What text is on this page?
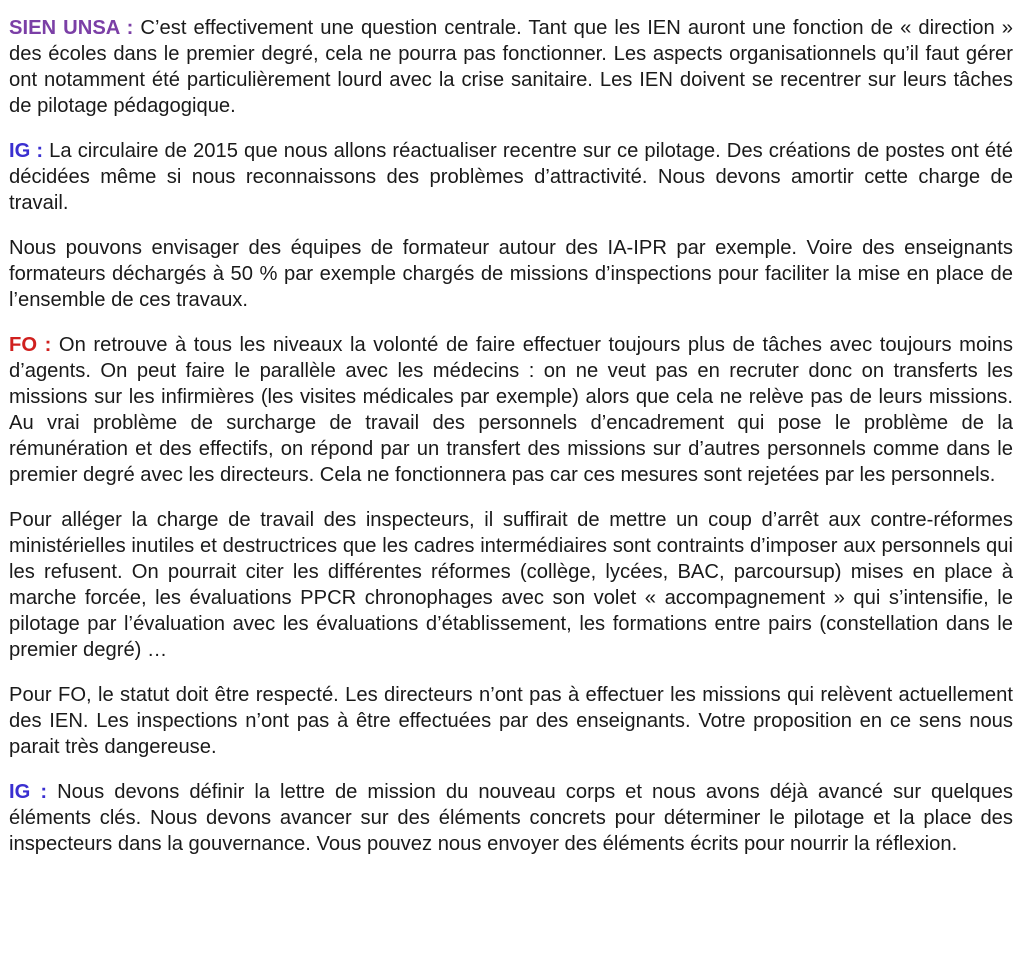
SIEN UNSA : C’est effectivement une question centrale. Tant que les IEN auront une fonction de « direction » des écoles dans le premier degré, cela ne pourra pas fonctionner. Les aspects organisationnels qu’il faut gérer ont notamment été particulièrement lourd avec la crise sanitaire. Les IEN doivent se recentrer sur leurs tâches de pilotage pédagogique.

IG : La circulaire de 2015 que nous allons réactualiser recentre sur ce pilotage. Des créations de postes ont été décidées même si nous reconnaissons des problèmes d’attractivité. Nous devons amortir cette charge de travail.

Nous pouvons envisager des équipes de formateur autour des IA-IPR par exemple. Voire des enseignants formateurs déchargés à 50 % par exemple chargés de missions d’inspections pour faciliter la mise en place de l’ensemble de ces travaux.

FO : On retrouve à tous les niveaux la volonté de faire effectuer toujours plus de tâches avec toujours moins d’agents. On peut faire le parallèle avec les médecins : on ne veut pas en recruter donc on transferts les missions sur les infirmières (les visites médicales par exemple) alors que cela ne relève pas de leurs missions. Au vrai problème de surcharge de travail des personnels d’encadrement qui pose le problème de la rémunération et des effectifs, on répond par un transfert des missions sur d’autres personnels comme dans le premier degré avec les directeurs. Cela ne fonctionnera pas car ces mesures sont rejetées par les personnels.

Pour alléger la charge de travail des inspecteurs, il suffirait de mettre un coup d’arrêt aux contre-réformes ministérielles inutiles et destructrices que les cadres intermédiaires sont contraints d’imposer aux personnels qui les refusent. On pourrait citer les différentes réformes (collège, lycées, BAC, parcoursup) mises en place à marche forcée, les évaluations PPCR chronophages avec son volet « accompagnement » qui s’intensifie, le pilotage par l’évaluation avec les évaluations d’établissement, les formations entre pairs (constellation dans le premier degré) …

Pour FO, le statut doit être respecté. Les directeurs n’ont pas à effectuer les missions qui relèvent actuellement des IEN. Les inspections n’ont pas à être effectuées par des enseignants. Votre proposition en ce sens nous parait très dangereuse.

IG : Nous devons définir la lettre de mission du nouveau corps et nous avons déjà avancé sur quelques éléments clés. Nous devons avancer sur des éléments concrets pour déterminer le pilotage et la place des inspecteurs dans la gouvernance. Vous pouvez nous envoyer des éléments écrits pour nourrir la réflexion.
